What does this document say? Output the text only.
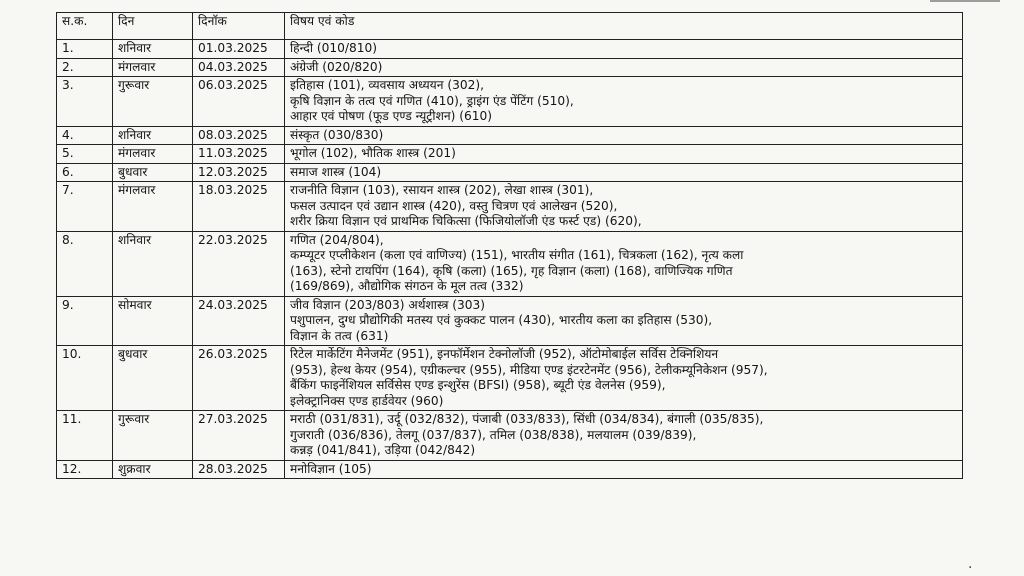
स.क.	दिन	दिनॉक	विषय एवं कोड
1.	शनिवार	01.03.2025	हिन्दी (010/810)

2.	मंगलवार	04.03.2025	अंग्रेजी (020/820)

3.	गुरूवार	06.03.2025	इतिहास (101), व्यवसाय अध्ययन (302),
कृषि विज्ञान के तत्व एवं गणित (410), ड्राइंग एंड पेंटिंग (510),
आहार एवं पोषण (फूड एण्ड न्यूट्रीशन) (610)

4.	शनिवार	08.03.2025	संस्कृत (030/830)

5.	मंगलवार	11.03.2025	भूगोल (102), भौतिक शास्त्र (201)

6.	बुधवार	12.03.2025	समाज शास्त्र (104)

7.	मंगलवार	18.03.2025	राजनीति विज्ञान (103), रसायन शास्त्र (202), लेखा शास्त्र (301),
फसल उत्पादन एवं उद्यान शास्त्र (420), वस्तु चित्रण एवं आलेखन (520),
शरीर क्रिया विज्ञान एवं प्राथमिक चिकित्सा (फिजियोलॉजी एंड फर्स्ट एड) (620),

8.	शनिवार	22.03.2025	गणित (204/804),
कम्प्यूटर एप्लीकेशन (कला एवं वाणिज्य) (151), भारतीय संगीत (161), चित्रकला (162), नृत्य कला
(163), स्टेनो टायपिंग (164), कृषि (कला) (165), गृह विज्ञान (कला) (168), वाणिज्यिक गणित
(169/869), औद्योगिक संगठन के मूल तत्व (332)

9.	सोमवार	24.03.2025	जीव विज्ञान (203/803) अर्थशास्त्र (303)
पशुपालन, दुग्ध प्रौद्योगिकी मतस्य एवं कुक्कट पालन (430), भारतीय कला का इतिहास (530),
विज्ञान के तत्व (631)

10.	बुधवार	26.03.2025	रिटेल मार्केटिंग मैनेजमेंट (951), इनफॉर्मेशन टेक्नोलॉजी (952), ऑटोमोबाईल सर्विस टेक्निशियन
(953), हेल्थ केयर (954), एग्रीकल्चर (955), मीडिया एण्ड इंटरटेनमेंट (956), टेलीकम्यूनिकेशन (957),
बैंकिंग फाइनेंशियल सर्विसेस एण्ड इन्शुरेंस (BFSI) (958), ब्यूटी एंड वेलनेस (959),
इलेक्ट्रानिक्स एण्ड हार्डवेयर (960)

11.	गुरूवार	27.03.2025	मराठी (031/831), उर्दू (032/832), पंजाबी (033/833), सिंधी (034/834), बंगाली (035/835),
गुजराती (036/836), तेलगू (037/837), तमिल (038/838), मलयालम (039/839),
कन्नड़ (041/841), उड़िया (042/842)

12.	शुक्रवार	28.03.2025	मनोविज्ञान (105)
·
